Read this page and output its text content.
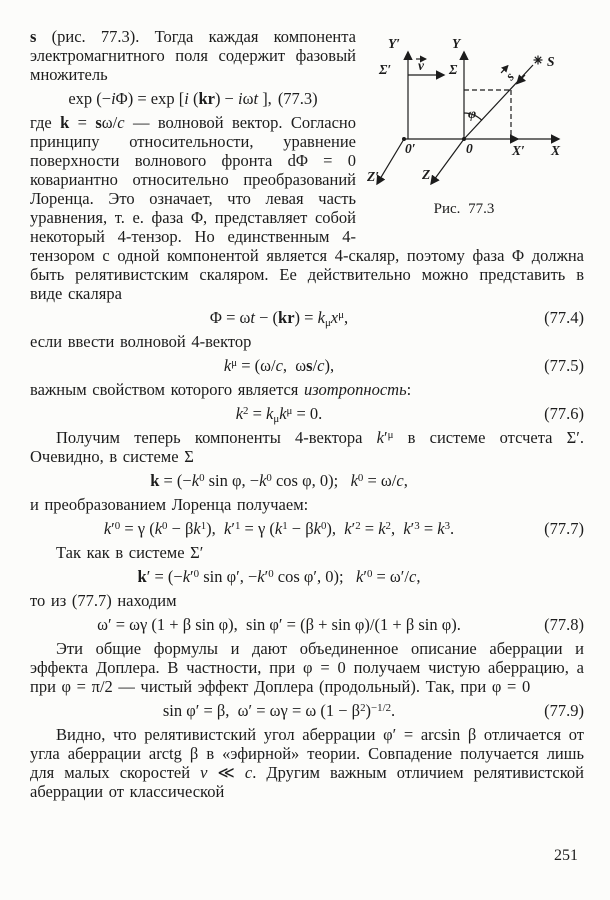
Y′
Σ′ v
Y
Σ
S
s
φ
0′	0	X′ X
Z′	Z
Рис. 77.3

s (рис. 77.3). Тогда каждая компонента электромагнитного поля содержит фазовый множитель

exp (−iΦ) = exp [i (kr) − iωt ], (77.3)

где k = sω/c — волновой вектор. Согласно принципу относительности, уравнение поверхности волнового фронта dΦ = 0 ковариантно относительно преобразований Лоренца. Это означает, что левая часть уравнения, т. е. фаза Φ, представляет собой некоторый 4-тензор. Но единственным 4-тензором с одной компонентой является 4-скаляр, поэтому фаза Φ должна быть релятивистским скаляром. Ее действительно можно представить в виде скаляра

$\Phi = \omega t - (kr) = k_\mu x^\mu$,	(77.4)

если ввести волновой 4-вектор

$k^\mu = (\omega/c$,  ωs/c),	(77.5)

важным свойством которого является изотропность:

$k^2 = k_\mu k^\mu = 0$.	(77.6)

Получим теперь компоненты 4-вектора $k'^\mu$ в системе отсчета Σ′. Очевидно, в системе Σ

$k = (-k^0$ sin φ, $-k^0$ cos φ, 0);   $k^0 = \omega/c$,

и преобразованием Лоренца получаем:

$k'^0 = \gamma$ $(k^0 - \beta k^1)$,  $k'^1 = \gamma$ $(k^1 - \beta k^0)$,  $k'^2 = k^2$,  $k'^3 = k^3$.	(77.7)

Так как в системе Σ′

$k' = (-k'^0$ sin φ′, $-k'^0$ cos φ′, 0);   $k'^0 = \omega'/c$,

то из (77.7) находим

ω′ = ωγ (1 + β sin φ),  sin φ′ = (β + sin φ)/(1 + β sin φ).	(77.8)

Эти общие формулы и дают объединенное описание аберрации и эффекта Доплера. В частности, при φ = 0 получаем чистую аберрацию, а при φ = π/2 — чистый эффект Доплера (продольный). Так, при φ = 0

sin φ′ = β,  ω′ = ωγ = ω $(1 - \beta^2)^{-1/2}$.	(77.9)

Видно, что релятивистский угол аберрации φ′ = arcsin β отличается от угла аберрации arctg β в «эфирной» теории. Совпадение получается лишь для малых скоростей v ≪ c. Другим важным отличием релятивистской аберрации от классической

251
